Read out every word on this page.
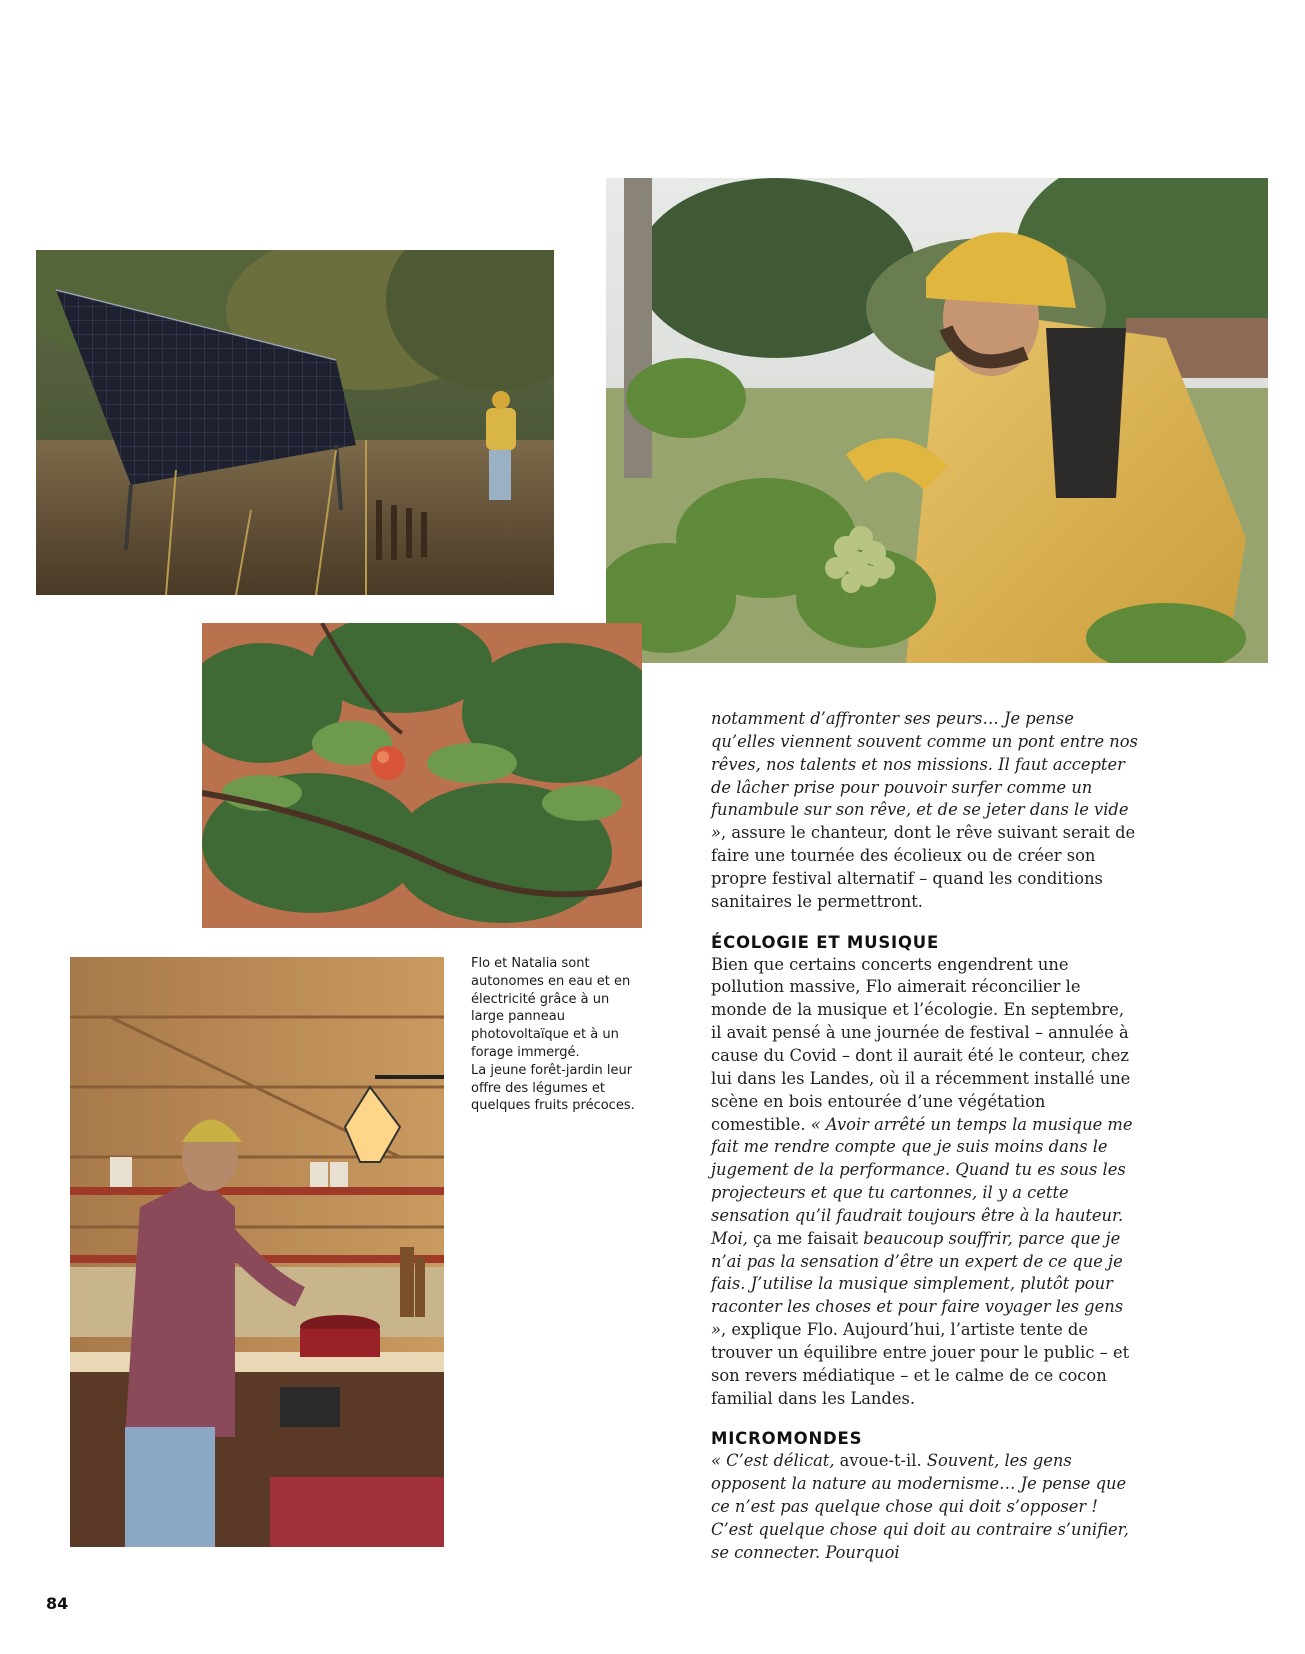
Flo et Natalia sont autonomes en eau et en électricité grâce à un large panneau photovoltaïque et à un forage immergé.

La jeune forêt-jardin leur offre des légumes et quelques fruits précoces.

notamment d’affronter ses peurs… Je pense qu’elles viennent souvent comme un pont entre nos rêves, nos talents et nos missions. Il faut accepter de lâcher prise pour pouvoir surfer comme un funambule sur son rêve, et de se jeter dans le vide », assure le chanteur, dont le rêve suivant serait de faire une tournée des écolieux ou de créer son propre festival alternatif – quand les conditions sanitaires le permettront.

ÉCOLOGIE ET MUSIQUE

Bien que certains concerts engendrent une pollution massive, Flo aimerait réconcilier le monde de la musique et l’écologie. En septembre, il avait pensé à une journée de festival – annulée à cause du Covid – dont il aurait été le conteur, chez lui dans les Landes, où il a récemment installé une scène en bois entourée d’une végétation comestible. « Avoir arrêté un temps la musique me fait me rendre compte que je suis moins dans le jugement de la performance. Quand tu es sous les projecteurs et que tu cartonnes, il y a cette sensation qu’il faudrait toujours être à la hauteur. Moi, ça me faisait beaucoup souffrir, parce que je n’ai pas la sensation d’être un expert de ce que je fais. J’utilise la musique simplement, plutôt pour raconter les choses et pour faire voyager les gens », explique Flo. Aujourd’hui, l’artiste tente de trouver un équilibre entre jouer pour le public – et son revers médiatique – et le calme de ce cocon familial dans les Landes.

MICROMONDES

« C’est délicat, avoue-t-il. Souvent, les gens opposent la nature au modernisme… Je pense que ce n’est pas quelque chose qui doit s’opposer ! C’est quelque chose qui doit au contraire s’unifier, se connecter. Pourquoi

84
